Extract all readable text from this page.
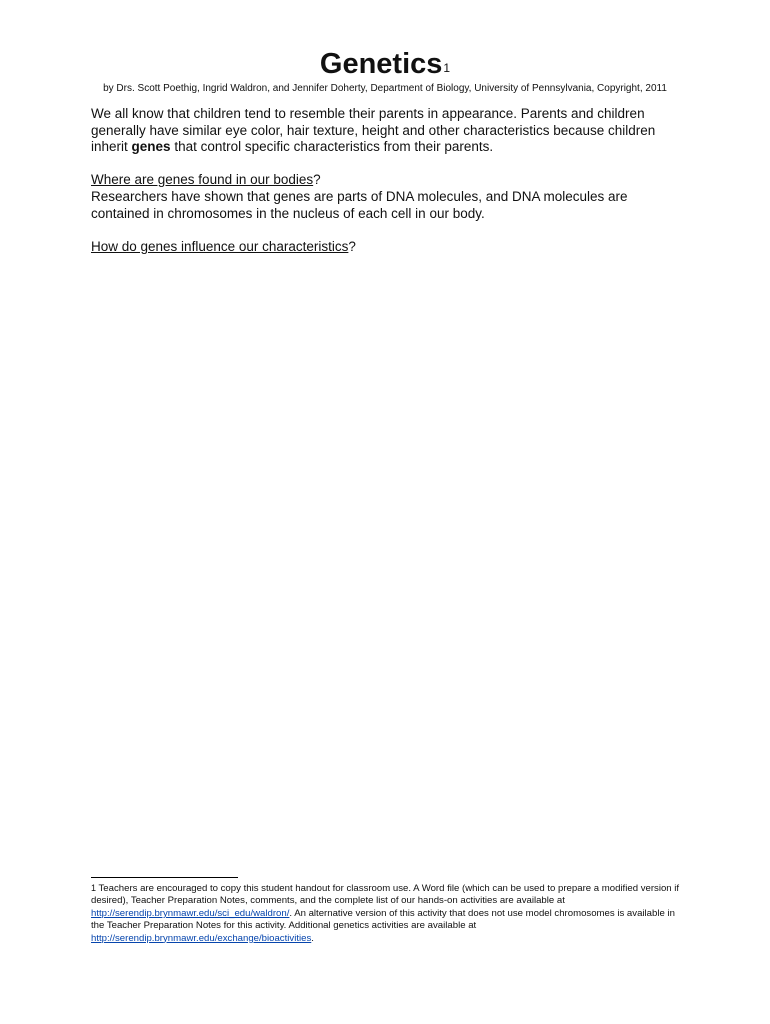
Genetics$^1$
by Drs. Scott Poethig, Ingrid Waldron, and Jennifer Doherty, Department of Biology, University of Pennsylvania, Copyright, 2011
We all know that children tend to resemble their parents in appearance. Parents and children generally have similar eye color, hair texture, height and other characteristics because children inherit genes that control specific characteristics from their parents.
Where are genes found in our bodies?
Researchers have shown that genes are parts of DNA molecules, and DNA molecules are contained in chromosomes in the nucleus of each cell in our body.
How do genes influence our characteristics?
$^1$ Teachers are encouraged to copy this student handout for classroom use. A Word file (which can be used to prepare a modified version if desired), Teacher Preparation Notes, comments, and the complete list of our hands-on activities are available at http://serendip.brynmawr.edu/sci_edu/waldron/. An alternative version of this activity that does not use model chromosomes is available in the Teacher Preparation Notes for this activity. Additional genetics activities are available at http://serendip.brynmawr.edu/exchange/bioactivities.
